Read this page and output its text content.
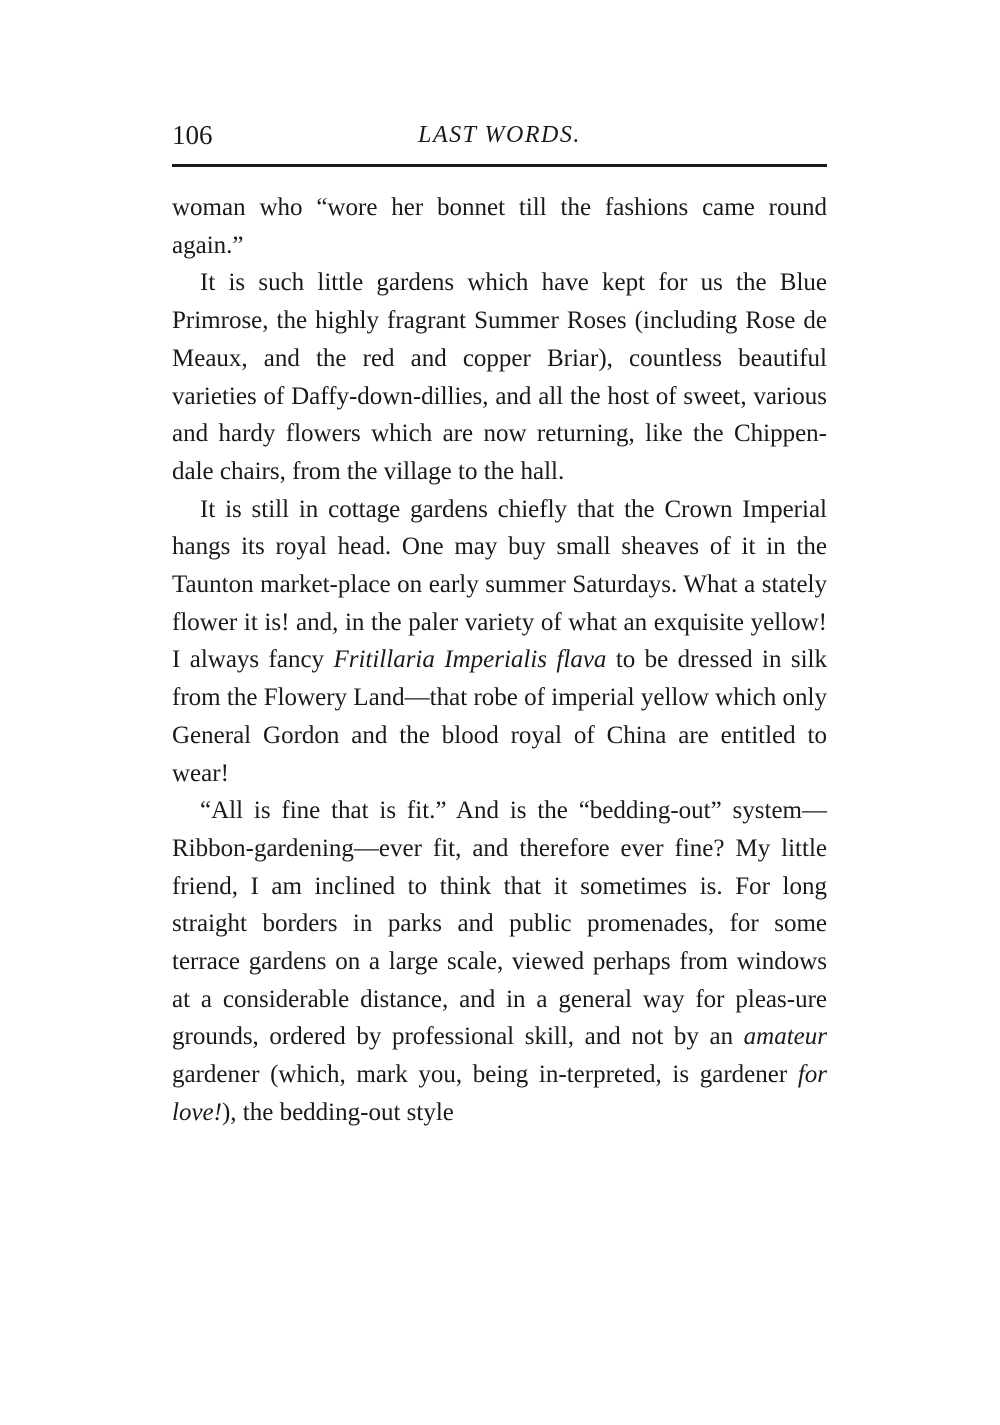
106	LAST WORDS.

woman who “wore her bonnet till the fashions came round again.”

It is such little gardens which have kept for us the Blue Primrose, the highly fragrant Summer Roses (including Rose de Meaux, and the red and copper Briar), countless beautiful varieties of Daffy-down-dillies, and all the host of sweet, various and hardy flowers which are now returning, like the Chippen-dale chairs, from the village to the hall.

It is still in cottage gardens chiefly that the Crown Imperial hangs its royal head. One may buy small sheaves of it in the Taunton market-place on early summer Saturdays. What a stately flower it is! and, in the paler variety of what an exquisite yellow! I always fancy Fritillaria Imperialis flava to be dressed in silk from the Flowery Land—that robe of imperial yellow which only General Gordon and the blood royal of China are entitled to wear!

“All is fine that is fit.” And is the “bedding-out” system—Ribbon-gardening—ever fit, and therefore ever fine? My little friend, I am inclined to think that it sometimes is. For long straight borders in parks and public promenades, for some terrace gardens on a large scale, viewed perhaps from windows at a considerable distance, and in a general way for pleas-ure grounds, ordered by professional skill, and not by an amateur gardener (which, mark you, being in-terpreted, is gardener for love!), the bedding-out style
